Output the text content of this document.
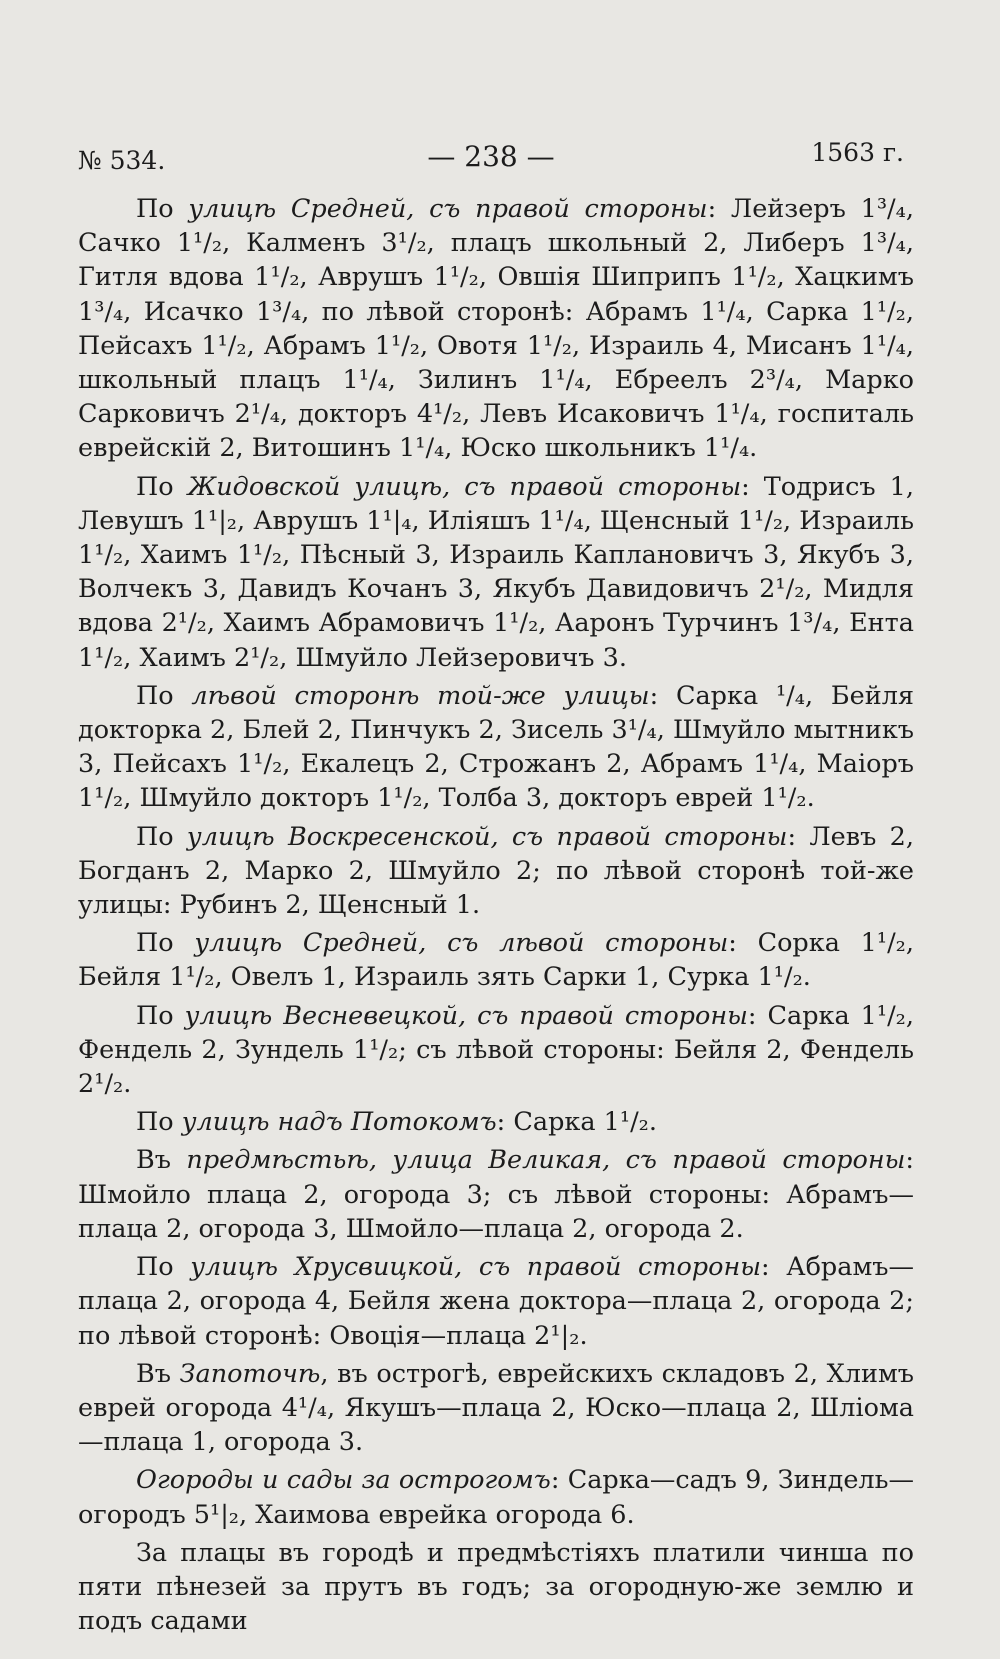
№ 534.	— 238 —	1563 г.

По улицѣ Средней, съ правой стороны: Лейзеръ 1³/₄, Сачко 1¹/₂, Калменъ 3¹/₂, плацъ школьный 2, Либеръ 1³/₄, Гитля вдова 1¹/₂, Аврушъ 1¹/₂, Овшія Шиприпъ 1¹/₂, Хацкимъ 1³/₄, Исачко 1³/₄, по лѣвой сторонѣ: Абрамъ 1¹/₄, Сарка 1¹/₂, Пейсахъ 1¹/₂, Абрамъ 1¹/₂, Овотя 1¹/₂, Израиль 4, Мисанъ 1¹/₄, школьный плацъ 1¹/₄, Зилинъ 1¹/₄, Ебреелъ 2³/₄, Марко Сарковичъ 2¹/₄, докторъ 4¹/₂, Левъ Исаковичъ 1¹/₄, госпиталь еврейскій 2, Витошинъ 1¹/₄, Юско школьникъ 1¹/₄.

По Жидовской улицѣ, съ правой стороны: Тодрисъ 1, Левушъ 1¹|₂, Аврушъ 1¹|₄, Иліяшъ 1¹/₄, Щенсный 1¹/₂, Израиль 1¹/₂, Хаимъ 1¹/₂, Пѣсный 3, Израиль Каплановичъ 3, Якубъ 3, Волчекъ 3, Давидъ Кочанъ 3, Якубъ Давидовичъ 2¹/₂, Мидля вдова 2¹/₂, Хаимъ Абрамовичъ 1¹/₂, Ааронъ Турчинъ 1³/₄, Ента 1¹/₂, Хаимъ 2¹/₂, Шмуйло Лейзеровичъ 3.

По лѣвой сторонѣ той-же улицы: Сарка ¹/₄, Бейля докторка 2, Блей 2, Пинчукъ 2, Зисель 3¹/₄, Шмуйло мытникъ 3, Пейсахъ 1¹/₂, Екалецъ 2, Строжанъ 2, Абрамъ 1¹/₄, Маіоръ 1¹/₂, Шмуйло докторъ 1¹/₂, Толба 3, докторъ еврей 1¹/₂.

По улицѣ Воскресенской, съ правой стороны: Левъ 2, Богданъ 2, Марко 2, Шмуйло 2; по лѣвой сторонѣ той-же улицы: Рубинъ 2, Щенсный 1.

По улицѣ Средней, съ лѣвой стороны: Сорка 1¹/₂, Бейля 1¹/₂, Овелъ 1, Израиль зять Сарки 1, Сурка 1¹/₂.

По улицѣ Весневецкой, съ правой стороны: Сарка 1¹/₂, Фендель 2, Зундель 1¹/₂; съ лѣвой стороны: Бейля 2, Фендель 2¹/₂.

По улицѣ надъ Потокомъ: Сарка 1¹/₂.

Въ предмѣстьѣ, улица Великая, съ правой стороны: Шмойло плаца 2, огорода 3; съ лѣвой стороны: Абрамъ—плаца 2, огорода 3, Шмойло—плаца 2, огорода 2.

По улицѣ Хрусвицкой, съ правой стороны: Абрамъ—плаца 2, огорода 4, Бейля жена доктора—плаца 2, огорода 2; по лѣвой сторонѣ: Овоція—плаца 2¹|₂.

Въ Запоточѣ, въ острогѣ, еврейскихъ складовъ 2, Хлимъ еврей огорода 4¹/₄, Якушъ—плаца 2, Юско—плаца 2, Шліома—плаца 1, огорода 3.

Огороды и сады за острогомъ: Сарка—садъ 9, Зиндель—огородъ 5¹|₂, Хаимова еврейка огорода 6.

За плацы въ городѣ и предмѣстіяхъ платили чинша по пяти пѣнезей за прутъ въ годъ; за огородную-же землю и подъ садами
